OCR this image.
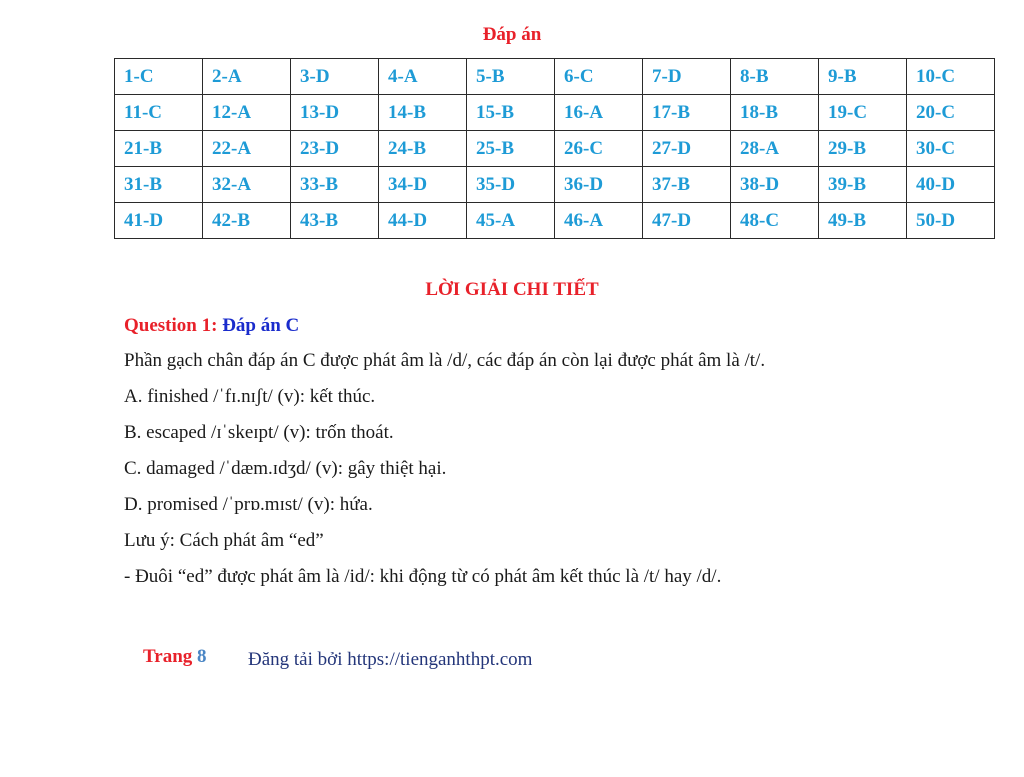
Đáp án
1-C	2-A	3-D	4-A	5-B	6-C	7-D	8-B	9-B	10-C
11-C	12-A	13-D	14-B	15-B	16-A	17-B	18-B	19-C	20-C
21-B	22-A	23-D	24-B	25-B	26-C	27-D	28-A	29-B	30-C
31-B	32-A	33-B	34-D	35-D	36-D	37-B	38-D	39-B	40-D
41-D	42-B	43-B	44-D	45-A	46-A	47-D	48-C	49-B	50-D
LỜI GIẢI CHI TIẾT
Question 1: Đáp án C
Phần gạch chân đáp án C được phát âm là /d/, các đáp án còn lại được phát âm là /t/.
A. finished /ˈfɪ.nɪʃt/ (v): kết thúc.
B. escaped /ɪˈskeɪpt/ (v): trốn thoát.
C. damaged /ˈdæm.ɪdʒd/ (v): gây thiệt hại.
D. promised /ˈprɒ.mɪst/ (v): hứa.
Lưu ý: Cách phát âm “ed”
- Đuôi “ed” được phát âm là /id/: khi động từ có phát âm kết thúc là /t/ hay /d/.
Trang 8 Đăng tải bởi https://tienganhthpt.com
